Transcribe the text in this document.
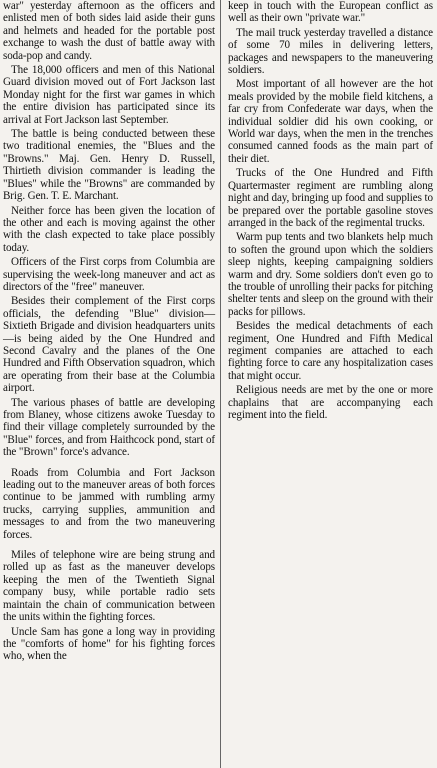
war" yesterday afternoon as the officers and enlisted men of both sides laid aside their guns and helmets and headed for the portable post exchange to wash the dust of battle away with soda-pop and candy.

The 18,000 officers and men of this National Guard division moved out of Fort Jackson last Monday night for the first war games in which the entire division has participated since its arrival at Fort Jackson last September.

The battle is being conducted between these two traditional enemies, the "Blues and the "Browns." Maj. Gen. Henry D. Russell, Thirtieth division commander is leading the "Blues" while the "Browns" are commanded by Brig. Gen. T. E. Marchant.

Neither force has been given the location of the other and each is moving against the other with the clash expected to take place possibly today.

Officers of the First corps from Columbia are supervising the week-long maneuver and act as directors of the "free" maneuver.

Besides their complement of the First corps officials, the defending "Blue" division—Sixtieth Brigade and division headquarters units—is being aided by the One Hundred and Second Cavalry and the planes of the One Hundred and Fifth Observation squadron, which are operating from their base at the Columbia airport.

The various phases of battle are developing from Blaney, whose citizens awoke Tuesday to find their village completely surrounded by the "Blue" forces, and from Haithcock pond, start of the "Brown" force's advance.

Roads from Columbia and Fort Jackson leading out to the maneuver areas of both forces continue to be jammed with rumbling army trucks, carrying supplies, ammunition and messages to and from the two maneuvering forces.

Miles of telephone wire are being strung and rolled up as fast as the maneuver develops keeping the men of the Twentieth Signal company busy, while portable radio sets maintain the chain of communication between the units within the fighting forces.

Uncle Sam has gone a long way in providing the "comforts of home" for his fighting forces who, when the

keep in touch with the European conflict as well as their own "private war."

The mail truck yesterday travelled a distance of some 70 miles in delivering letters, packages and newspapers to the maneuvering soldiers.

Most important of all however are the hot meals provided by the mobile field kitchens, a far cry from Confederate war days, when the individual soldier did his own cooking, or World war days, when the men in the trenches consumed canned foods as the main part of their diet.

Trucks of the One Hundred and Fifth Quartermaster regiment are rumbling along night and day, bringing up food and supplies to be prepared over the portable gasoline stoves arranged in the back of the regimental trucks.

Warm pup tents and two blankets help much to soften the ground upon which the soldiers sleep nights, keeping campaigning soldiers warm and dry. Some soldiers don't even go to the trouble of unrolling their packs for pitching shelter tents and sleep on the ground with their packs for pillows.

Besides the medical detachments of each regiment, One Hundred and Fifth Medical regiment companies are attached to each fighting force to care any hospitalization cases that might occur.

Religious needs are met by the one or more chaplains that are accompanying each regiment into the field.
